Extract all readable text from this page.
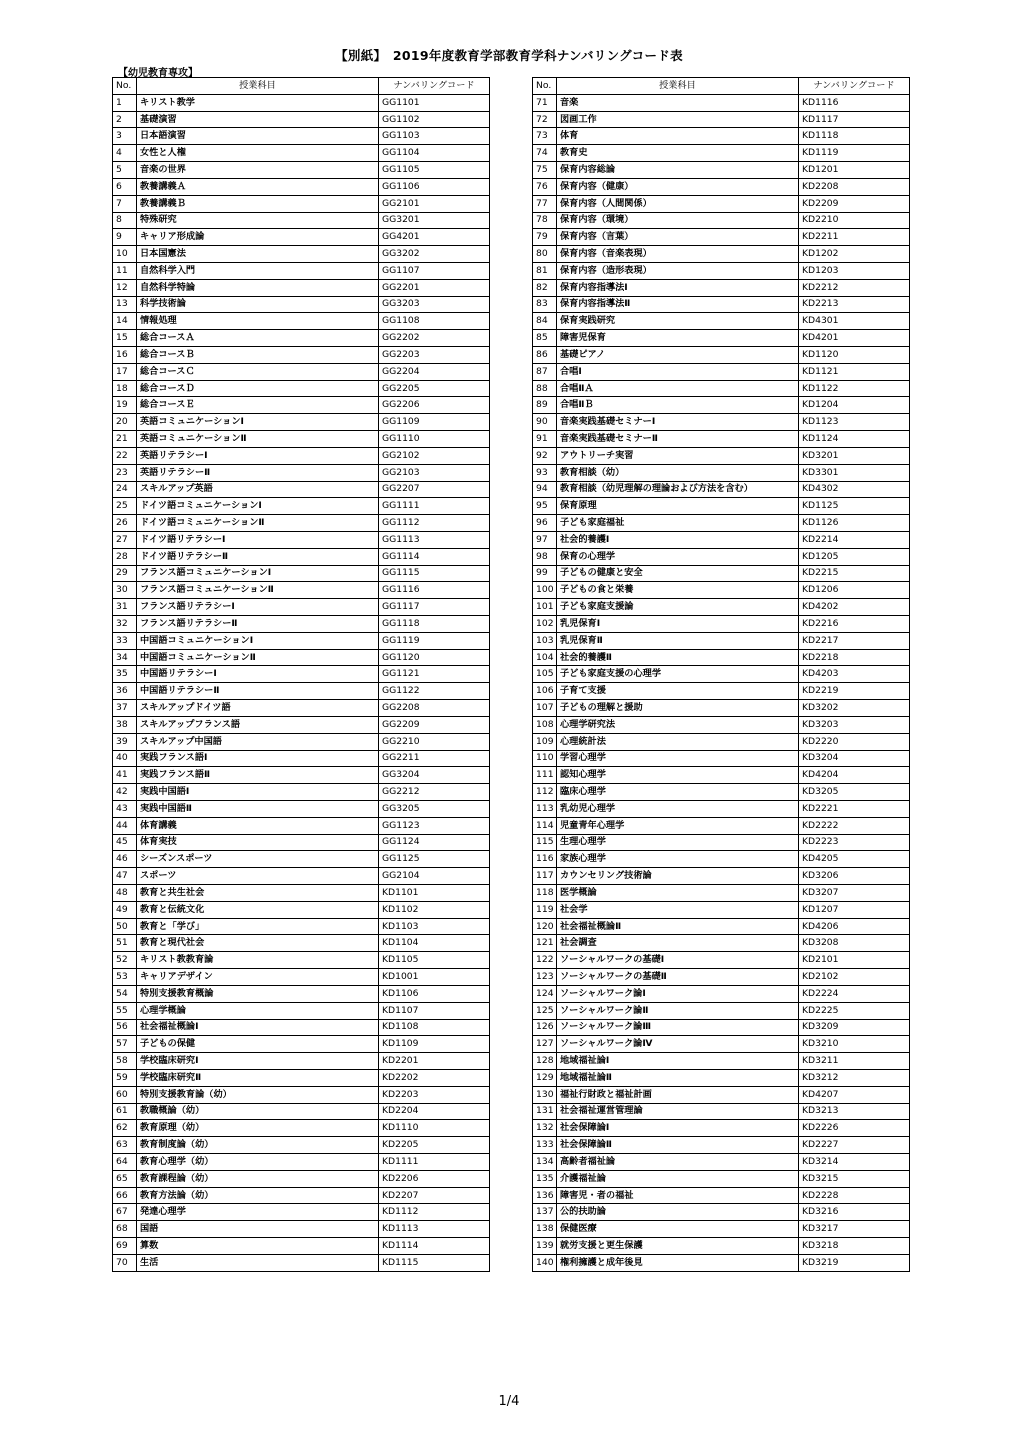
【別紙】　2019年度教育学部教育学科ナンバリングコード表
【幼児教育専攻】
No.	授業科目	ナンバリングコード
1	キリスト教学	GG1101
2	基礎演習	GG1102
3	日本語演習	GG1103
4	女性と人権	GG1104
5	音楽の世界	GG1105
6	教養講義Ａ	GG1106
7	教養講義Ｂ	GG2101
8	特殊研究	GG3201
9	キャリア形成論	GG4201
10	日本国憲法	GG3202
11	自然科学入門	GG1107
12	自然科学特論	GG2201
13	科学技術論	GG3203
14	情報処理	GG1108
15	総合コースＡ	GG2202
16	総合コースＢ	GG2203
17	総合コースＣ	GG2204
18	総合コースＤ	GG2205
19	総合コースＥ	GG2206
20	英語コミュニケーションⅠ	GG1109
21	英語コミュニケーションⅡ	GG1110
22	英語リテラシーⅠ	GG2102
23	英語リテラシーⅡ	GG2103
24	スキルアップ英語	GG2207
25	ドイツ語コミュニケーションⅠ	GG1111
26	ドイツ語コミュニケーションⅡ	GG1112
27	ドイツ語リテラシーⅠ	GG1113
28	ドイツ語リテラシーⅡ	GG1114
29	フランス語コミュニケーションⅠ	GG1115
30	フランス語コミュニケーションⅡ	GG1116
31	フランス語リテラシーⅠ	GG1117
32	フランス語リテラシーⅡ	GG1118
33	中国語コミュニケーションⅠ	GG1119
34	中国語コミュニケーションⅡ	GG1120
35	中国語リテラシーⅠ	GG1121
36	中国語リテラシーⅡ	GG1122
37	スキルアップドイツ語	GG2208
38	スキルアップフランス語	GG2209
39	スキルアップ中国語	GG2210
40	実践フランス語Ⅰ	GG2211
41	実践フランス語Ⅱ	GG3204
42	実践中国語Ⅰ	GG2212
43	実践中国語Ⅱ	GG3205
44	体育講義	GG1123
45	体育実技	GG1124
46	シーズンスポーツ	GG1125
47	スポーツ	GG2104
48	教育と共生社会	KD1101
49	教育と伝統文化	KD1102
50	教育と「学び」	KD1103
51	教育と現代社会	KD1104
52	キリスト教教育論	KD1105
53	キャリアデザイン	KD1001
54	特別支援教育概論	KD1106
55	心理学概論	KD1107
56	社会福祉概論Ⅰ	KD1108
57	子どもの保健	KD1109
58	学校臨床研究Ⅰ	KD2201
59	学校臨床研究Ⅱ	KD2202
60	特別支援教育論（幼）	KD2203
61	教職概論（幼）	KD2204
62	教育原理（幼）	KD1110
63	教育制度論（幼）	KD2205
64	教育心理学（幼）	KD1111
65	教育課程論（幼）	KD2206
66	教育方法論（幼）	KD2207
67	発達心理学	KD1112
68	国語	KD1113
69	算数	KD1114
70	生活	KD1115
No.	授業科目	ナンバリングコード
71	音楽	KD1116
72	図画工作	KD1117
73	体育	KD1118
74	教育史	KD1119
75	保育内容総論	KD1201
76	保育内容（健康）	KD2208
77	保育内容（人間関係）	KD2209
78	保育内容（環境）	KD2210
79	保育内容（言葉）	KD2211
80	保育内容（音楽表現）	KD1202
81	保育内容（造形表現）	KD1203
82	保育内容指導法Ⅰ	KD2212
83	保育内容指導法Ⅱ	KD2213
84	保育実践研究	KD4301
85	障害児保育	KD4201
86	基礎ピアノ	KD1120
87	合唱Ⅰ	KD1121
88	合唱ⅡＡ	KD1122
89	合唱ⅡＢ	KD1204
90	音楽実践基礎セミナーⅠ	KD1123
91	音楽実践基礎セミナーⅡ	KD1124
92	アウトリーチ実習	KD3201
93	教育相談（幼）	KD3301
94	教育相談（幼児理解の理論および方法を含む）	KD4302
95	保育原理	KD1125
96	子ども家庭福祉	KD1126
97	社会的養護Ⅰ	KD2214
98	保育の心理学	KD1205
99	子どもの健康と安全	KD2215
100	子どもの食と栄養	KD1206
101	子ども家庭支援論	KD4202
102	乳児保育Ⅰ	KD2216
103	乳児保育Ⅱ	KD2217
104	社会的養護Ⅱ	KD2218
105	子ども家庭支援の心理学	KD4203
106	子育て支援	KD2219
107	子どもの理解と援助	KD3202
108	心理学研究法	KD3203
109	心理統計法	KD2220
110	学習心理学	KD3204
111	認知心理学	KD4204
112	臨床心理学	KD3205
113	乳幼児心理学	KD2221
114	児童青年心理学	KD2222
115	生理心理学	KD2223
116	家族心理学	KD4205
117	カウンセリング技術論	KD3206
118	医学概論	KD3207
119	社会学	KD1207
120	社会福祉概論Ⅱ	KD4206
121	社会調査	KD3208
122	ソーシャルワークの基礎Ⅰ	KD2101
123	ソーシャルワークの基礎Ⅱ	KD2102
124	ソーシャルワーク論Ⅰ	KD2224
125	ソーシャルワーク論Ⅱ	KD2225
126	ソーシャルワーク論Ⅲ	KD3209
127	ソーシャルワーク論Ⅳ	KD3210
128	地域福祉論Ⅰ	KD3211
129	地域福祉論Ⅱ	KD3212
130	福祉行財政と福祉計画	KD4207
131	社会福祉運営管理論	KD3213
132	社会保障論Ⅰ	KD2226
133	社会保障論Ⅱ	KD2227
134	高齢者福祉論	KD3214
135	介護福祉論	KD3215
136	障害児・者の福祉	KD2228
137	公的扶助論	KD3216
138	保健医療	KD3217
139	就労支援と更生保護	KD3218
140	権利擁護と成年後見	KD3219
1/4
